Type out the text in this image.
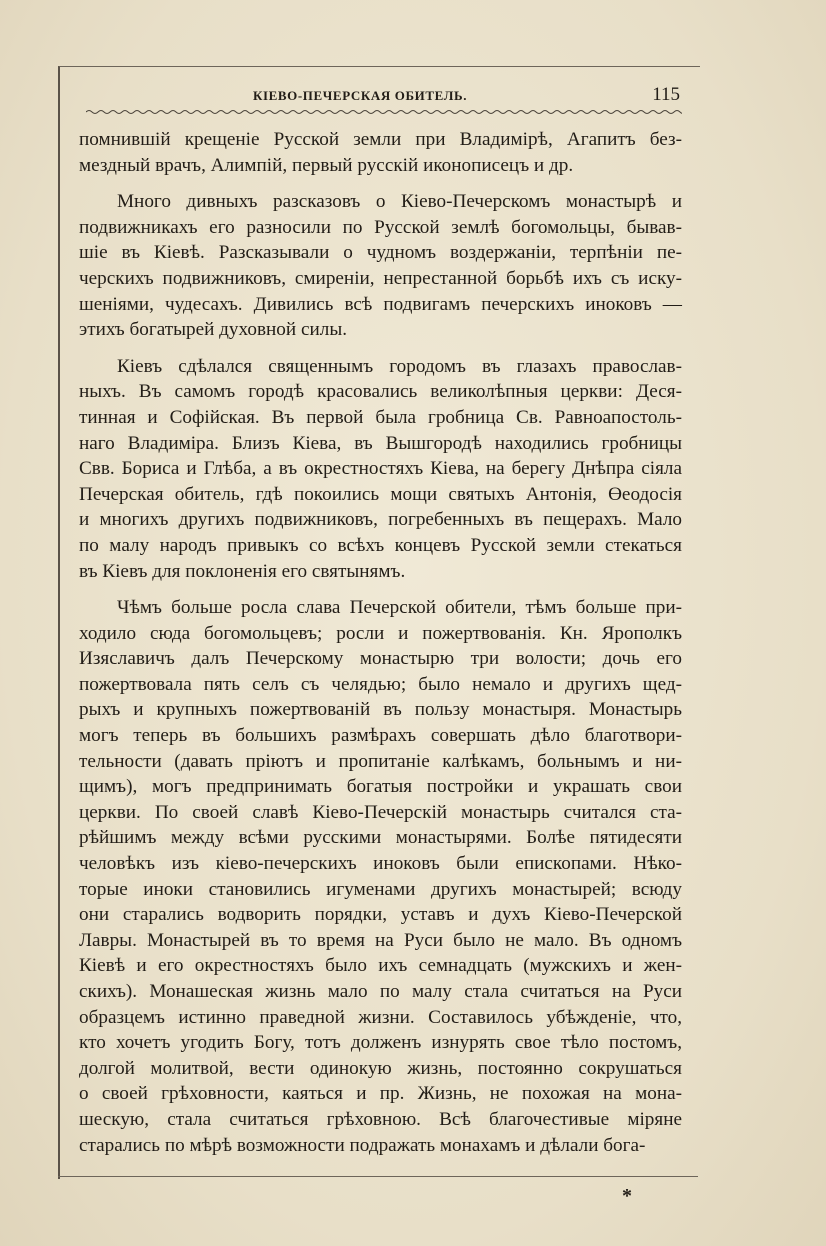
КІЕВО-ПЕЧЕРСКАЯ ОБИТЕЛЬ.	115
помнившій крещеніе Русской земли при Владимірѣ, Агапитъ без-
мездный врачъ, Алимпій, первый русскій иконописецъ и др.
Много дивныхъ разсказовъ о Кіево-Печерскомъ монастырѣ и
подвижникахъ его разносили по Русской землѣ богомольцы, бывав-
шіе въ Кіевѣ. Разсказывали о чудномъ воздержаніи, терпѣніи пе-
черскихъ подвижниковъ, смиреніи, непрестанной борьбѣ ихъ съ иску-
шеніями, чудесахъ. Дивились всѣ подвигамъ печерскихъ иноковъ —
этихъ богатырей духовной силы.
Кіевъ сдѣлался священнымъ городомъ въ глазахъ православ-
ныхъ. Въ самомъ городѣ красовались великолѣпныя церкви: Деся-
тинная и Софійская. Въ первой была гробница Св. Равноапостоль-
наго Владиміра. Близъ Кіева, въ Вышгородѣ находились гробницы
Свв. Бориса и Глѣба, а въ окрестностяхъ Кіева, на берегу Днѣпра сіяла
Печерская обитель, гдѣ покоились мощи святыхъ Антонія, Өеодосія
и многихъ другихъ подвижниковъ, погребенныхъ въ пещерахъ. Мало
по малу народъ привыкъ со всѣхъ концевъ Русской земли стекаться
въ Кіевъ для поклоненія его святынямъ.
Чѣмъ больше росла слава Печерской обители, тѣмъ больше при-
ходило сюда богомольцевъ; росли и пожертвованія. Кн. Ярополкъ
Изяславичъ далъ Печерскому монастырю три волости; дочь его
пожертвовала пять селъ съ челядью; было немало и другихъ щед-
рыхъ и крупныхъ пожертвованій въ пользу монастыря. Монастырь
могъ теперь въ большихъ размѣрахъ совершать дѣло благотвори-
тельности (давать пріютъ и пропитаніе калѣкамъ, больнымъ и ни-
щимъ), могъ предпринимать богатыя постройки и украшать свои
церкви. По своей славѣ Кіево-Печерскій монастырь считался ста-
рѣйшимъ между всѣми русскими монастырями. Болѣе пятидесяти
человѣкъ изъ кіево-печерскихъ иноковъ были епископами. Нѣко-
торые иноки становились игуменами другихъ монастырей; всюду
они старались водворить порядки, уставъ и духъ Кіево-Печерской
Лавры. Монастырей въ то время на Руси было не мало. Въ одномъ
Кіевѣ и его окрестностяхъ было ихъ семнадцать (мужскихъ и жен-
скихъ). Монашеская жизнь мало по малу стала считаться на Руси
образцемъ истинно праведной жизни. Составилось убѣжденіе, что,
кто хочетъ угодить Богу, тотъ долженъ изнурять свое тѣло постомъ,
долгой молитвой, вести одинокую жизнь, постоянно сокрушаться
о своей грѣховности, каяться и пр. Жизнь, не похожая на мона-
шескую, стала считаться грѣховною. Всѣ благочестивые міряне
старались по мѣрѣ возможности подражать монахамъ и дѣлали бога-
*
